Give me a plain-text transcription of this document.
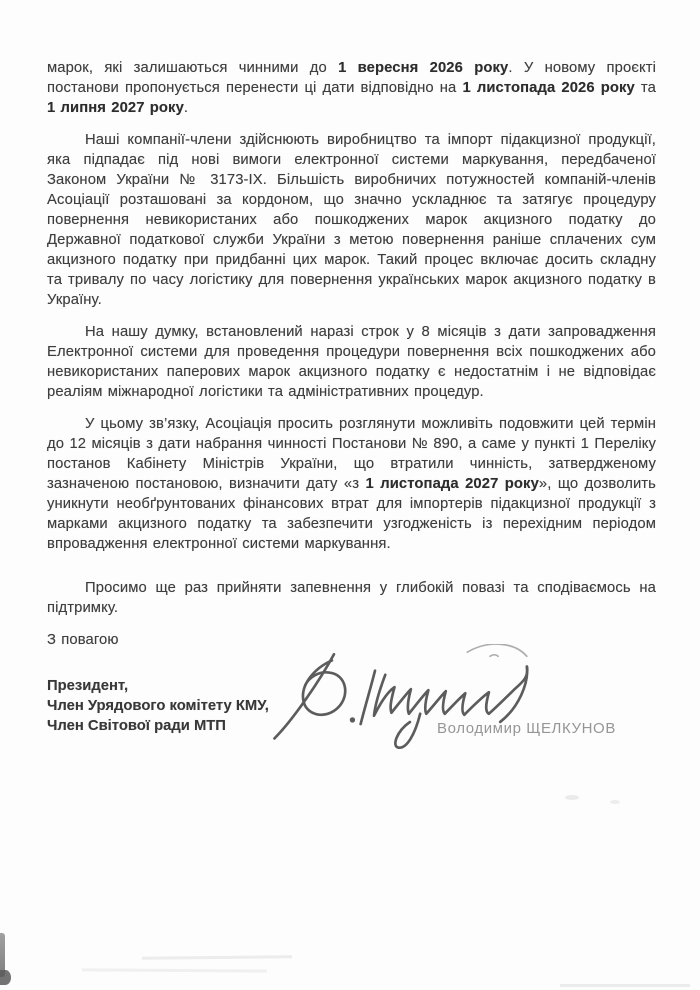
марок, які залишаються чинними до 1 вересня 2026 року. У новому проєкті постанови пропонується перенести ці дати відповідно на 1 листопада 2026 року та 1 липня 2027 року.

Наші компанії-члени здійснюють виробництво та імпорт підакцизної продукції, яка підпадає під нові вимоги електронної системи маркування, передбаченої Законом України № 3173-IX. Більшість виробничих потужностей компаній-членів Асоціації розташовані за кордоном, що значно ускладнює та затягує процедуру повернення невикористаних або пошкоджених марок акцизного податку до Державної податкової служби України з метою повернення раніше сплачених сум акцизного податку при придбанні цих марок. Такий процес включає досить складну та тривалу по часу логістику для повернення українських марок акцизного податку в Україну.

На нашу думку, встановлений наразі строк у 8 місяців з дати запровадження Електронної системи для проведення процедури повернення всіх пошкоджених або невикористаних паперових марок акцизного податку є недостатнім і не відповідає реаліям міжнародної логістики та адміністративних процедур.

У цьому зв’язку, Асоціація просить розглянути можливіть подовжити цей термін до 12 місяців з дати набрання чинності Постанови № 890, а саме у пункті 1 Переліку постанов Кабінету Міністрів України, що втратили чинність, затвердженому зазначеною постановою, визначити дату «з 1 листопада 2027 року», що дозволить уникнути необґрунтованих фінансових втрат для імпортерів підакцизної продукції з марками акцизного податку та забезпечити узгодженість із перехідним періодом впровадження електронної системи маркування.

Просимо ще раз прийняти запевнення у глибокій повазі та сподіваємось на підтримку.

З повагою

Президент,
Член Урядового комітету КМУ,
Член Світової ради МТП	Володимир ЩЕЛКУНОВ
